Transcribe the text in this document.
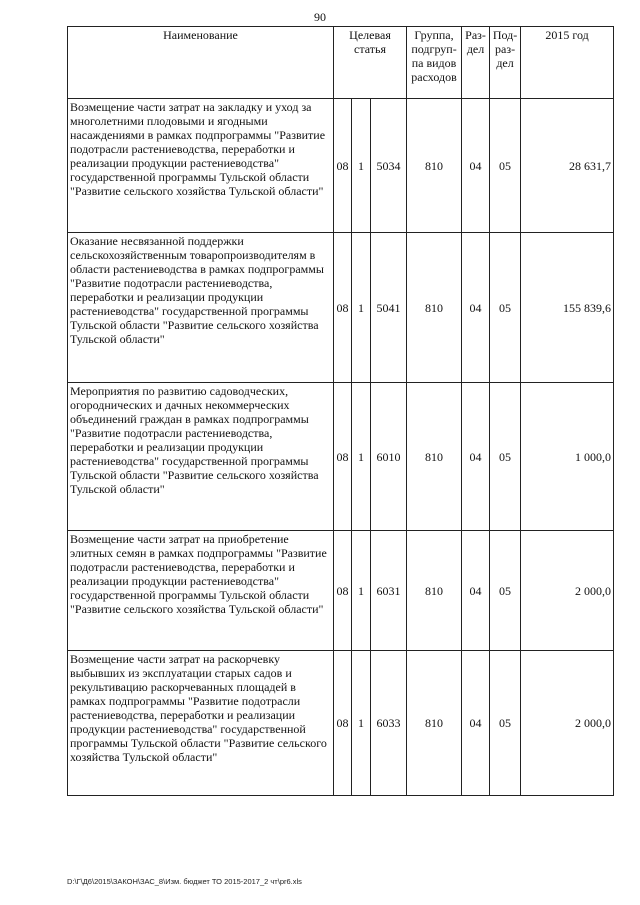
90
Наименование	Целевая статья			Группа, подгруп-па видов расходов	Раз-дел	Под-раз-дел	2015 год
Возмещение части затрат на закладку и уход за многолетними плодовыми и ягодными насаждениями в рамках подпрограммы "Развитие подотрасли растениеводства, переработки и реализации продукции растениеводства" государственной программы Тульской области "Развитие сельского хозяйства Тульской области"	08	1	5034	810	04	05	28 631,7
Оказание несвязанной поддержки сельскохозяйственным товаропроизводителям в области растениеводства в рамках подпрограммы "Развитие подотрасли растениеводства, переработки и реализации продукции растениеводства" государственной программы Тульской области "Развитие сельского хозяйства Тульской области"	08	1	5041	810	04	05	155 839,6
Мероприятия по развитию садоводческих, огороднических и дачных некоммерческих объединений граждан в рамках подпрограммы "Развитие подотрасли растениеводства, переработки и реализации продукции растениеводства" государственной программы Тульской области "Развитие сельского хозяйства Тульской области"	08	1	6010	810	04	05	1 000,0
Возмещение части затрат на приобретение элитных семян в рамках подпрограммы "Развитие подотрасли растениеводства, переработки и реализации продукции растениеводства" государственной программы Тульской области "Развитие сельского хозяйства Тульской области"	08	1	6031	810	04	05	2 000,0
Возмещение части затрат на раскорчевку выбывших из эксплуатации старых садов и рекультивацию раскорчеванных площадей в рамках подпрограммы "Развитие подотрасли растениеводства, переработки и реализации продукции растениеводства" государственной программы Тульской области "Развитие сельского хозяйства Тульской области"	08	1	6033	810	04	05	2 000,0
D:\Г\Д6\2015\ЗАКОН\ЗАС_8\Изм. бюджет ТО 2015-2017_2 чт\pr6.xls
